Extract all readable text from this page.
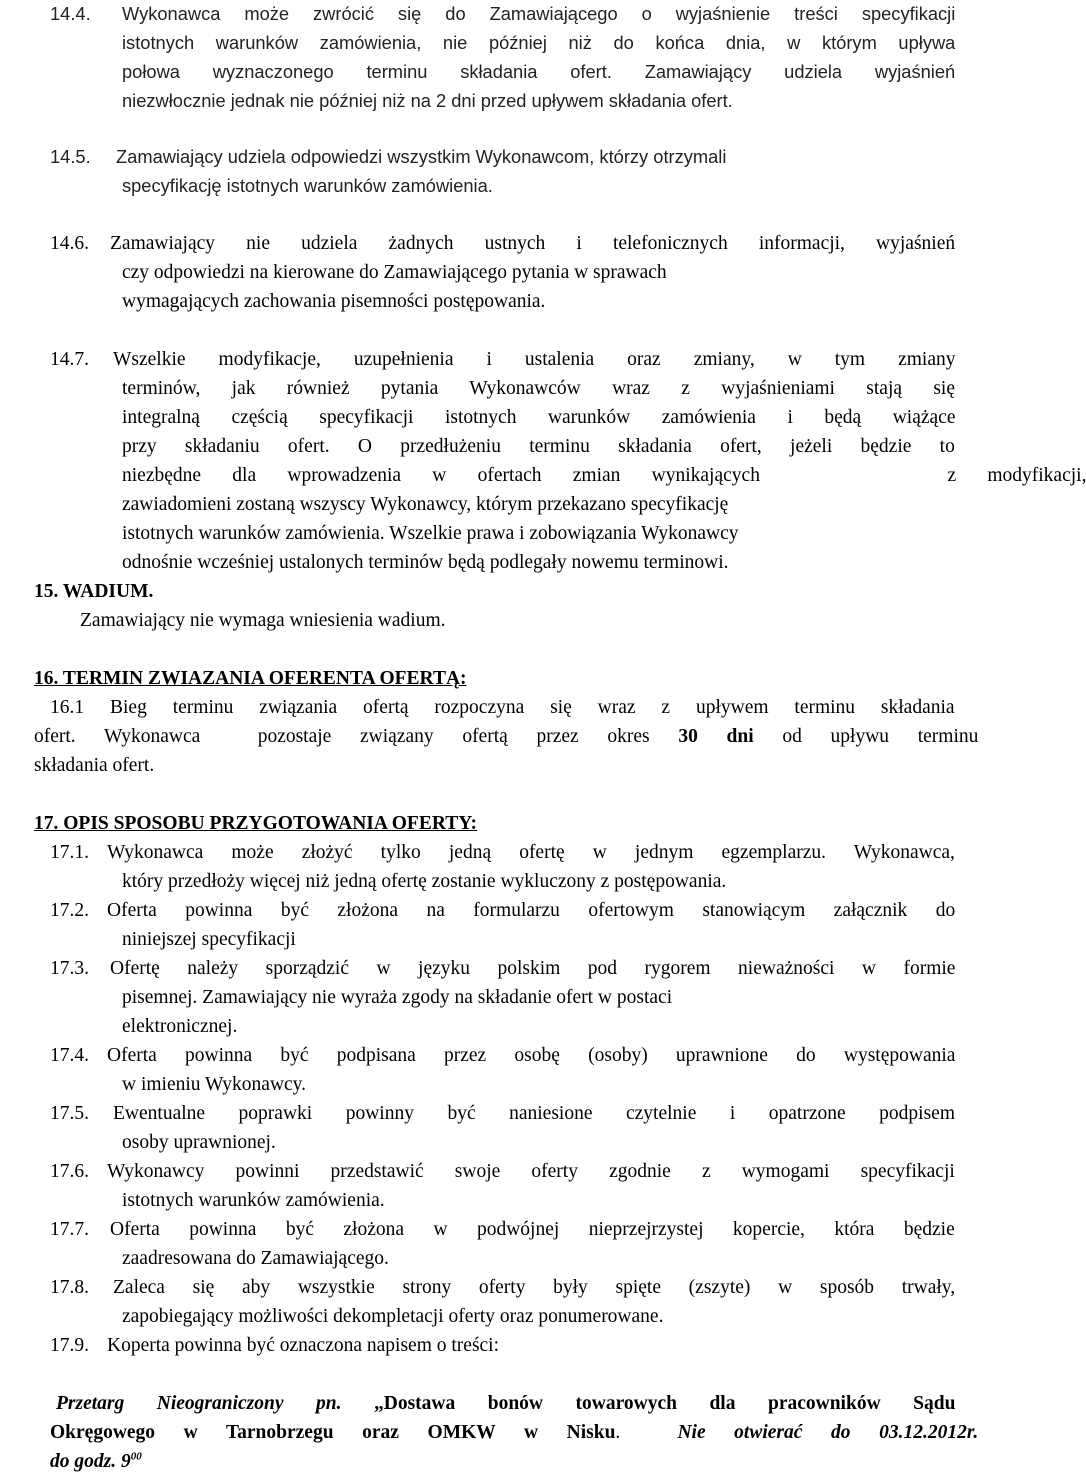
14.4. Wykonawca może zwrócić się do Zamawiającego o wyjaśnienie treści specyfikacji
istotnych warunków zamówienia, nie później niż do końca dnia, w którym upływa
połowa wyznaczonego terminu składania ofert. Zamawiający udziela wyjaśnień
niezwłocznie jednak nie później niż na 2 dni przed upływem składania ofert.
14.5. Zamawiający udziela odpowiedzi wszystkim Wykonawcom, którzy otrzymali
specyfikację istotnych warunków zamówienia.
14.6. Zamawiający nie udziela żadnych ustnych i telefonicznych informacji, wyjaśnień
czy odpowiedzi na kierowane do Zamawiającego pytania w sprawach
wymagających zachowania pisemności postępowania.
14.7. Wszelkie modyfikacje, uzupełnienia i ustalenia oraz zmiany, w tym zmiany
terminów, jak również pytania Wykonawców wraz z wyjaśnieniami stają się
integralną częścią specyfikacji istotnych warunków zamówienia i będą wiążące
przy składaniu ofert. O przedłużeniu terminu składania ofert, jeżeli będzie to
niezbędne dla wprowadzenia w ofertach zmian wynikających      z modyfikacji,
zawiadomieni zostaną wszyscy Wykonawcy, którym przekazano specyfikację
istotnych warunków zamówienia. Wszelkie prawa i zobowiązania Wykonawcy
odnośnie wcześniej ustalonych terminów będą podlegały nowemu terminowi.
15. WADIUM.
Zamawiający nie wymaga wniesienia wadium.
16. TERMIN ZWIAZANIA OFERENTA OFERTĄ:
16.1 Bieg terminu związania ofertą rozpoczyna się wraz z upływem terminu składania
ofert. Wykonawca  pozostaje związany ofertą przez okres 30 dni od upływu terminu
składania ofert.
17. OPIS SPOSOBU PRZYGOTOWANIA OFERTY:
17.1. Wykonawca może złożyć tylko jedną ofertę w jednym egzemplarzu. Wykonawca,
który przedłoży więcej niż jedną ofertę zostanie wykluczony z postępowania.
17.2. Oferta powinna być złożona na formularzu ofertowym stanowiącym załącznik do
niniejszej specyfikacji
17.3. Ofertę należy sporządzić w języku polskim pod rygorem nieważności w formie
pisemnej. Zamawiający nie wyraża zgody na składanie ofert w postaci
elektronicznej.
17.4. Oferta powinna być podpisana przez osobę (osoby) uprawnione do występowania
w imieniu Wykonawcy.
17.5. Ewentualne poprawki powinny być naniesione czytelnie i opatrzone podpisem
osoby uprawnionej.
17.6. Wykonawcy powinni przedstawić swoje oferty zgodnie z wymogami specyfikacji
istotnych warunków zamówienia.
17.7. Oferta powinna być złożona w podwójnej nieprzejrzystej kopercie, która będzie
zaadresowana do Zamawiającego.
17.8. Zaleca się aby wszystkie strony oferty były spięte (zszyte) w sposób trwały,
zapobiegający możliwości dekompletacji oferty oraz ponumerowane.
17.9. Koperta powinna być oznaczona napisem o treści:
Przetarg Nieograniczony pn. „Dostawa bonów towarowych dla pracowników Sądu
Okręgowego w Tarnobrzegu oraz OMKW w Nisku.	Nie otwierać do 03.12.2012r.
do godz. $9^{00}$
